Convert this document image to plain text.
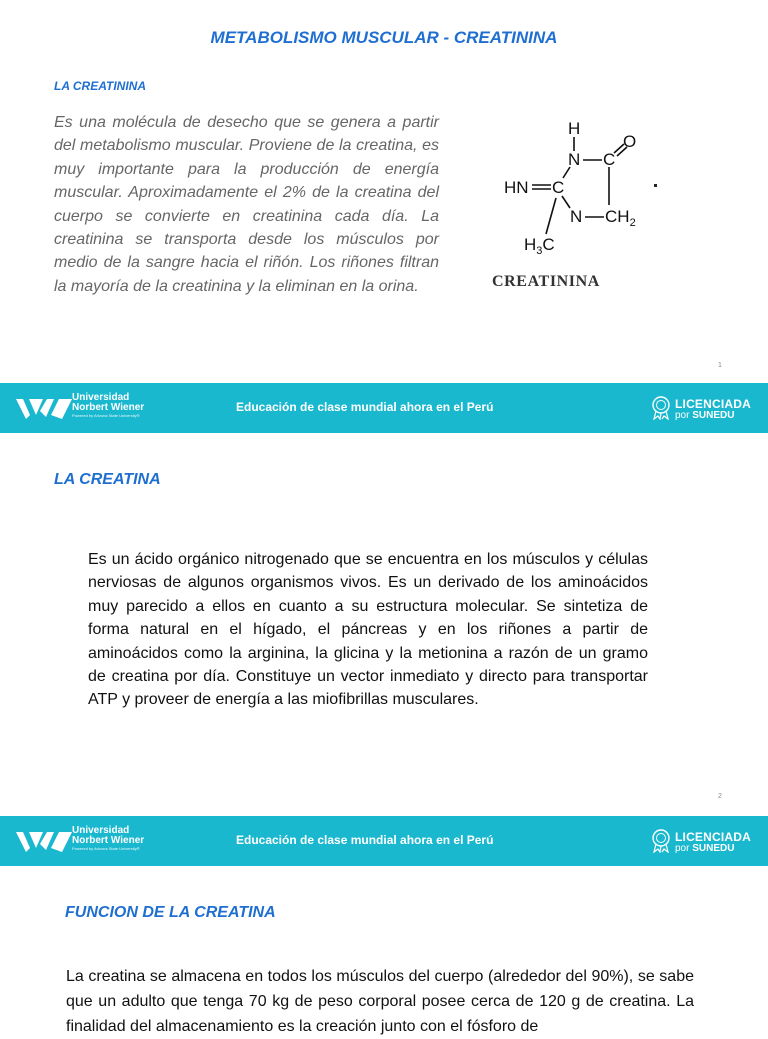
METABOLISMO MUSCULAR - CREATININA
LA CREATININA

Es una molécula de desecho que se genera a partir del metabolismo muscular. Proviene de la creatina, es muy importante para la producción de energía muscular. Aproximadamente el 2% de la creatina del cuerpo se convierte en creatinina cada día. La creatinina se transporta desde los músculos por medio de la sangre hacia el riñón. Los riñones filtran la mayoría de la creatinina y la eliminan en la orina.

H
N C
O
HN C
N $CH_2$
$H_3C$
CREATININA
1
Universidad
Norbert Wiener
Powered by Arizona State University®
Educación de clase mundial ahora en el Perú	LICENCIADA
por SUNEDU
LA CREATINA

Es un ácido orgánico nitrogenado que se encuentra en los músculos y células nerviosas de algunos organismos vivos. Es un derivado de los aminoácidos muy parecido a ellos en cuanto a su estructura molecular. Se sintetiza de forma natural en el hígado, el páncreas y en los riñones a partir de aminoácidos como la arginina, la glicina y la metionina a razón de un gramo de creatina por día. Constituye un vector inmediato y directo para transportar ATP y proveer de energía a las miofibrillas musculares.

2
Universidad
Norbert Wiener
Powered by Arizona State University®
Educación de clase mundial ahora en el Perú	LICENCIADA
por SUNEDU
FUNCION DE LA CREATINA

La creatina se almacena en todos los músculos del cuerpo (alrededor del 90%), se sabe que un adulto que tenga 70 kg de peso corporal posee cerca de 120 g de creatina. La finalidad del almacenamiento es la creación junto con el fósforo de
